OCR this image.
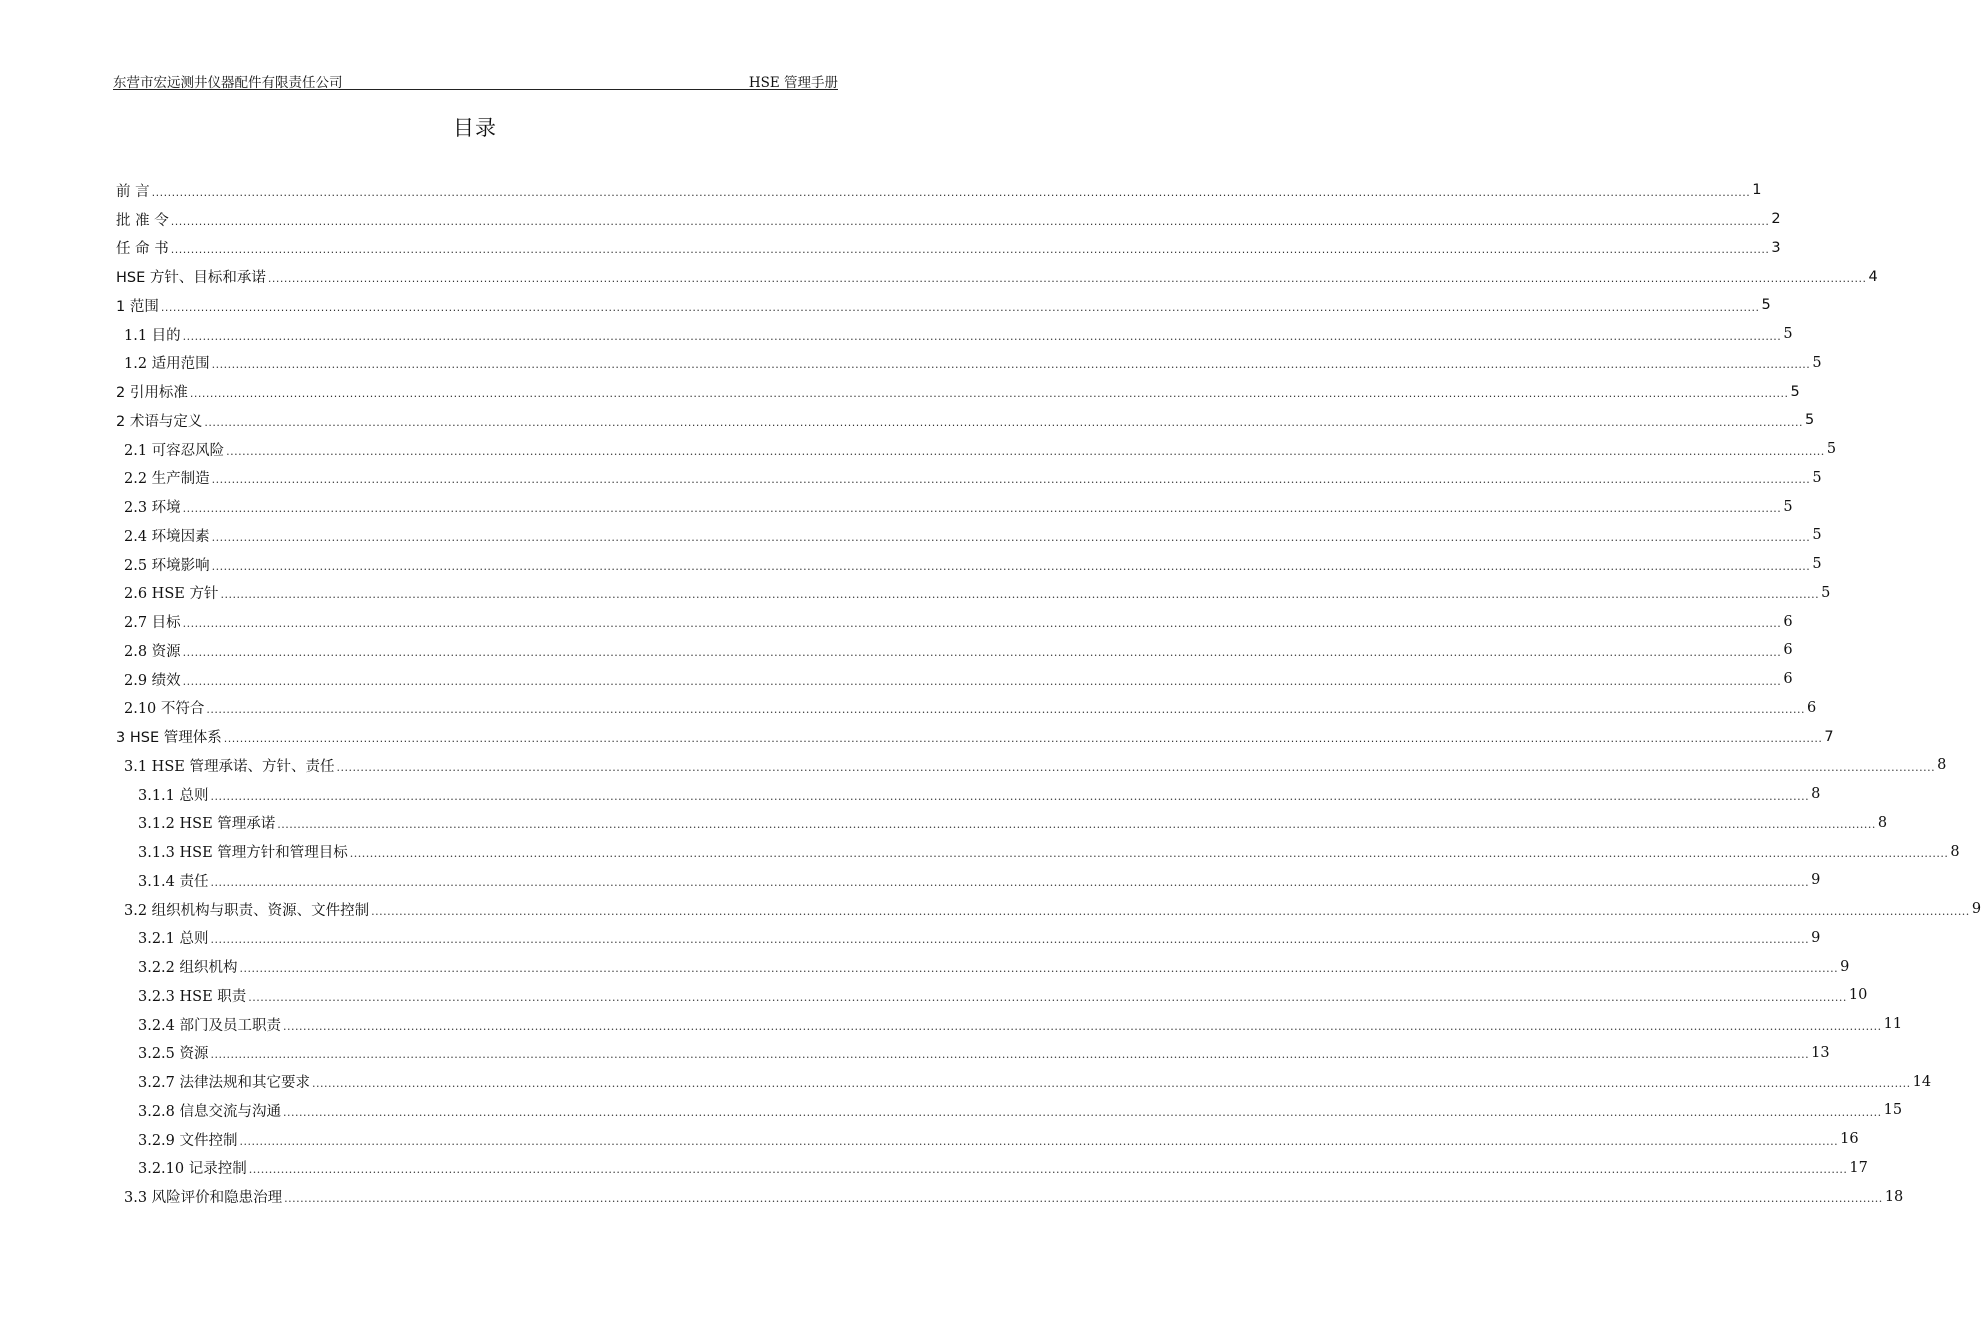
东营市宏远测井仪器配件有限责任公司	HSE 管理手册
目录
前 言 ................................................................................................................................................................................................................................................................................................................................................................................................................ 1
批 准 令 ................................................................................................................................................................................................................................................................................................................................................................................................................ 2
任 命 书 ................................................................................................................................................................................................................................................................................................................................................................................................................ 3
HSE 方针、目标和承诺 ................................................................................................................................................................................................................................................................................................................................................................................................................ 4
1 范围 ................................................................................................................................................................................................................................................................................................................................................................................................................ 5
1.1 目的 ................................................................................................................................................................................................................................................................................................................................................................................................................ 5
1.2 适用范围 ................................................................................................................................................................................................................................................................................................................................................................................................................ 5
2 引用标准 ................................................................................................................................................................................................................................................................................................................................................................................................................ 5
2 术语与定义 ................................................................................................................................................................................................................................................................................................................................................................................................................ 5
2.1 可容忍风险 ................................................................................................................................................................................................................................................................................................................................................................................................................ 5
2.2 生产制造 ................................................................................................................................................................................................................................................................................................................................................................................................................ 5
2.3 环境 ................................................................................................................................................................................................................................................................................................................................................................................................................ 5
2.4 环境因素 ................................................................................................................................................................................................................................................................................................................................................................................................................ 5
2.5 环境影响 ................................................................................................................................................................................................................................................................................................................................................................................................................ 5
2.6 HSE 方针 ................................................................................................................................................................................................................................................................................................................................................................................................................ 5
2.7 目标 ................................................................................................................................................................................................................................................................................................................................................................................................................ 6
2.8 资源 ................................................................................................................................................................................................................................................................................................................................................................................................................ 6
2.9 绩效 ................................................................................................................................................................................................................................................................................................................................................................................................................ 6
2.10 不符合 ................................................................................................................................................................................................................................................................................................................................................................................................................ 6
3 HSE 管理体系 ................................................................................................................................................................................................................................................................................................................................................................................................................ 7
3.1 HSE 管理承诺、方针、责任 ................................................................................................................................................................................................................................................................................................................................................................................................................ 8
3.1.1 总则 ................................................................................................................................................................................................................................................................................................................................................................................................................ 8
3.1.2 HSE 管理承诺 ................................................................................................................................................................................................................................................................................................................................................................................................................ 8
3.1.3 HSE 管理方针和管理目标 ................................................................................................................................................................................................................................................................................................................................................................................................................ 8
3.1.4 责任 ................................................................................................................................................................................................................................................................................................................................................................................................................ 9
3.2 组织机构与职责、资源、文件控制 ................................................................................................................................................................................................................................................................................................................................................................................................................ 9
3.2.1 总则 ................................................................................................................................................................................................................................................................................................................................................................................................................ 9
3.2.2 组织机构 ................................................................................................................................................................................................................................................................................................................................................................................................................ 9
3.2.3 HSE 职责 ................................................................................................................................................................................................................................................................................................................................................................................................................ 10
3.2.4 部门及员工职责 ................................................................................................................................................................................................................................................................................................................................................................................................................ 11
3.2.5 资源 ................................................................................................................................................................................................................................................................................................................................................................................................................ 13
3.2.7 法律法规和其它要求 ................................................................................................................................................................................................................................................................................................................................................................................................................ 14
3.2.8 信息交流与沟通 ................................................................................................................................................................................................................................................................................................................................................................................................................ 15
3.2.9 文件控制 ................................................................................................................................................................................................................................................................................................................................................................................................................ 16
3.2.10 记录控制 ................................................................................................................................................................................................................................................................................................................................................................................................................ 17
3.3 风险评价和隐患治理 ................................................................................................................................................................................................................................................................................................................................................................................................................ 18
